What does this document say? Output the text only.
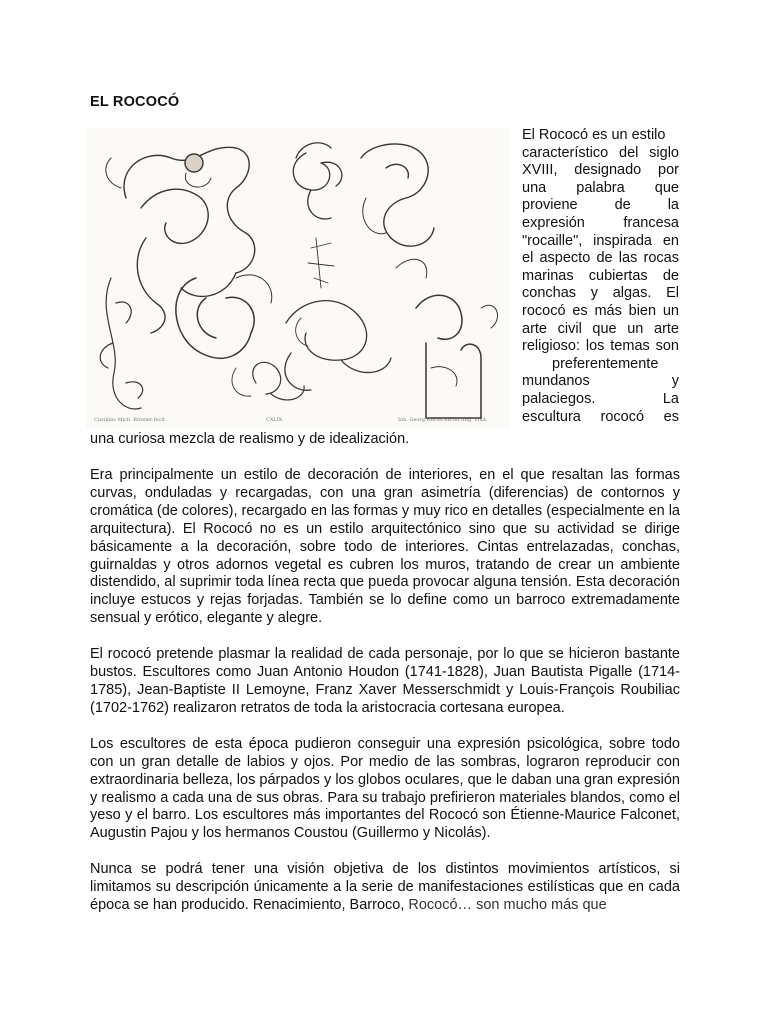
EL ROCOCÓ
Cuvilliés Mich. Rössler fecit	CXLIX	Ioh. Georg Hertel excud Aug. Vind.
El Rococó es un estilo
característico del siglo
XVIII, designado por
una palabra que
proviene de la
expresión francesa
"rocaille", inspirada en
el aspecto de las rocas
marinas cubiertas de
conchas y algas. El
rococó es más bien un
arte civil que un arte
religioso: los temas son
preferentemente
mundanos y
palaciegos. La
escultura rococó es
una curiosa mezcla de realismo y de idealización.

Era principalmente un estilo de decoración de interiores, en el que resaltan las formas curvas, onduladas y recargadas, con una gran asimetría (diferencias) de contornos y cromática (de colores), recargado en las formas y muy rico en detalles (especialmente en la arquitectura). El Rococó no es un estilo arquitectónico sino que su actividad se dirige básicamente a la decoración, sobre todo de interiores. Cintas entrelazadas, conchas, guirnaldas y otros adornos vegetal es cubren los muros, tratando de crear un ambiente distendido, al suprimir toda línea recta que pueda provocar alguna tensión. Esta decoración incluye estucos y rejas forjadas. También se lo define como un barroco extremadamente sensual y erótico, elegante y alegre.

El rococó pretende plasmar la realidad de cada personaje, por lo que se hicieron bastante bustos. Escultores como Juan Antonio Houdon (1741-1828), Juan Bautista Pigalle (1714-1785), Jean-Baptiste II Lemoyne, Franz Xaver Messerschmidt y Louis-François Roubiliac (1702-1762) realizaron retratos de toda la aristocracia cortesana europea.

Los escultores de esta época pudieron conseguir una expresión psicológica, sobre todo con un gran detalle de labios y ojos. Por medio de las sombras, lograron reproducir con extraordinaria belleza, los párpados y los globos oculares, que le daban una gran expresión y realismo a cada una de sus obras. Para su trabajo prefirieron materiales blandos, como el yeso y el barro. Los escultores más importantes del Rococó son Étienne-Maurice Falconet, Augustin Pajou y los hermanos Coustou (Guillermo y Nicolás).

Nunca se podrá tener una visión objetiva de los distintos movimientos artísticos, si limitamos su descripción únicamente a la serie de manifestaciones estilísticas que en cada época se han producido. Renacimiento, Barroco, Rococó… son mucho más que
